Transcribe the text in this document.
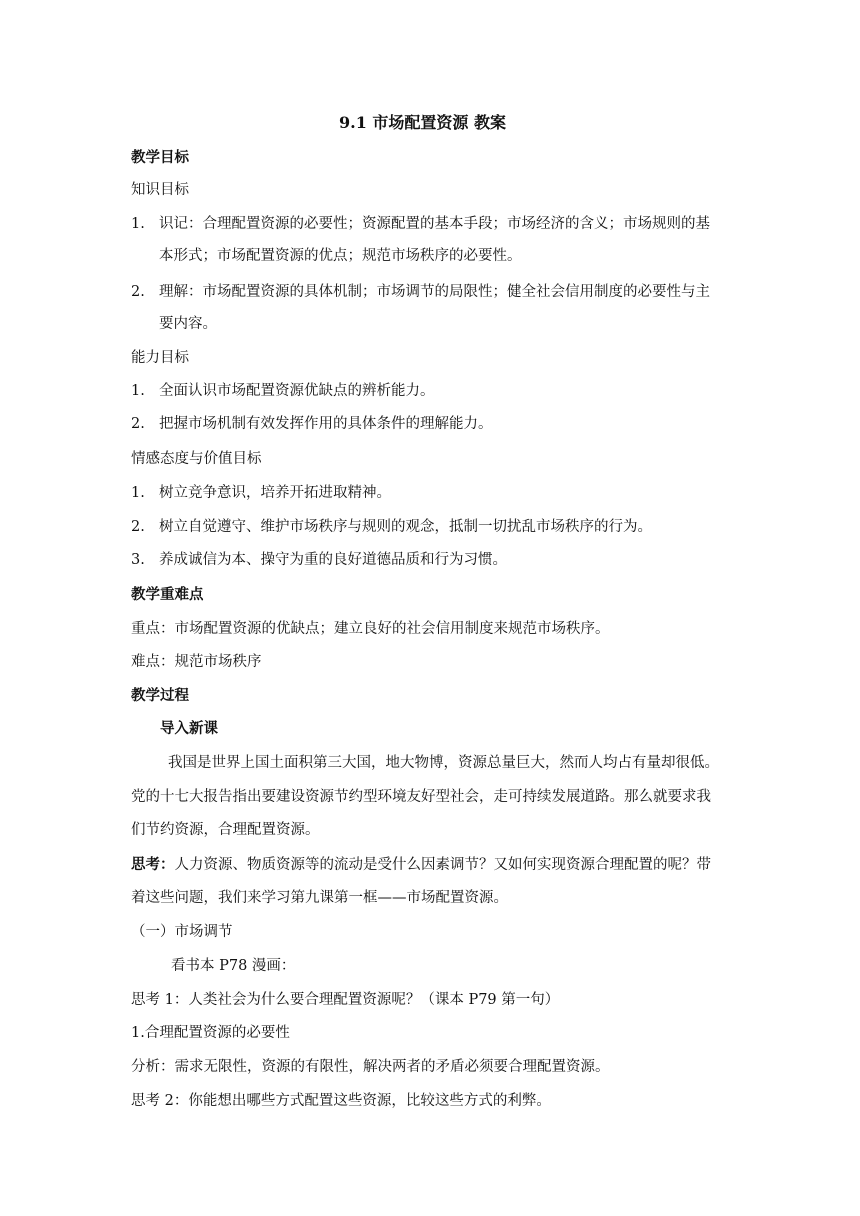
9.1 市场配置资源 教案
教学目标
知识目标
1. 识记：合理配置资源的必要性；资源配置的基本手段；市场经济的含义；市场规则的基
本形式；市场配置资源的优点；规范市场秩序的必要性。
2. 理解：市场配置资源的具体机制；市场调节的局限性；健全社会信用制度的必要性与主
要内容。
能力目标
1. 全面认识市场配置资源优缺点的辨析能力。
2. 把握市场机制有效发挥作用的具体条件的理解能力。
情感态度与价值目标
1. 树立竞争意识，培养开拓进取精神。
2. 树立自觉遵守、维护市场秩序与规则的观念，抵制一切扰乱市场秩序的行为。
3. 养成诚信为本、操守为重的良好道德品质和行为习惯。
教学重难点
重点：市场配置资源的优缺点；建立良好的社会信用制度来规范市场秩序。
难点：规范市场秩序
教学过程
导入新课
我国是世界上国土面积第三大国，地大物博，资源总量巨大，然而人均占有量却很低。
党的十七大报告指出要建设资源节约型环境友好型社会，走可持续发展道路。那么就要求我
们节约资源，合理配置资源。
思考：人力资源、物质资源等的流动是受什么因素调节？又如何实现资源合理配置的呢？带
着这些问题，我们来学习第九课第一框——市场配置资源。
（一）市场调节
看书本 P78 漫画：
思考 1：人类社会为什么要合理配置资源呢？（课本 P79 第一句）
1.合理配置资源的必要性
分析：需求无限性，资源的有限性，解决两者的矛盾必须要合理配置资源。
思考 2：你能想出哪些方式配置这些资源，比较这些方式的利弊。
